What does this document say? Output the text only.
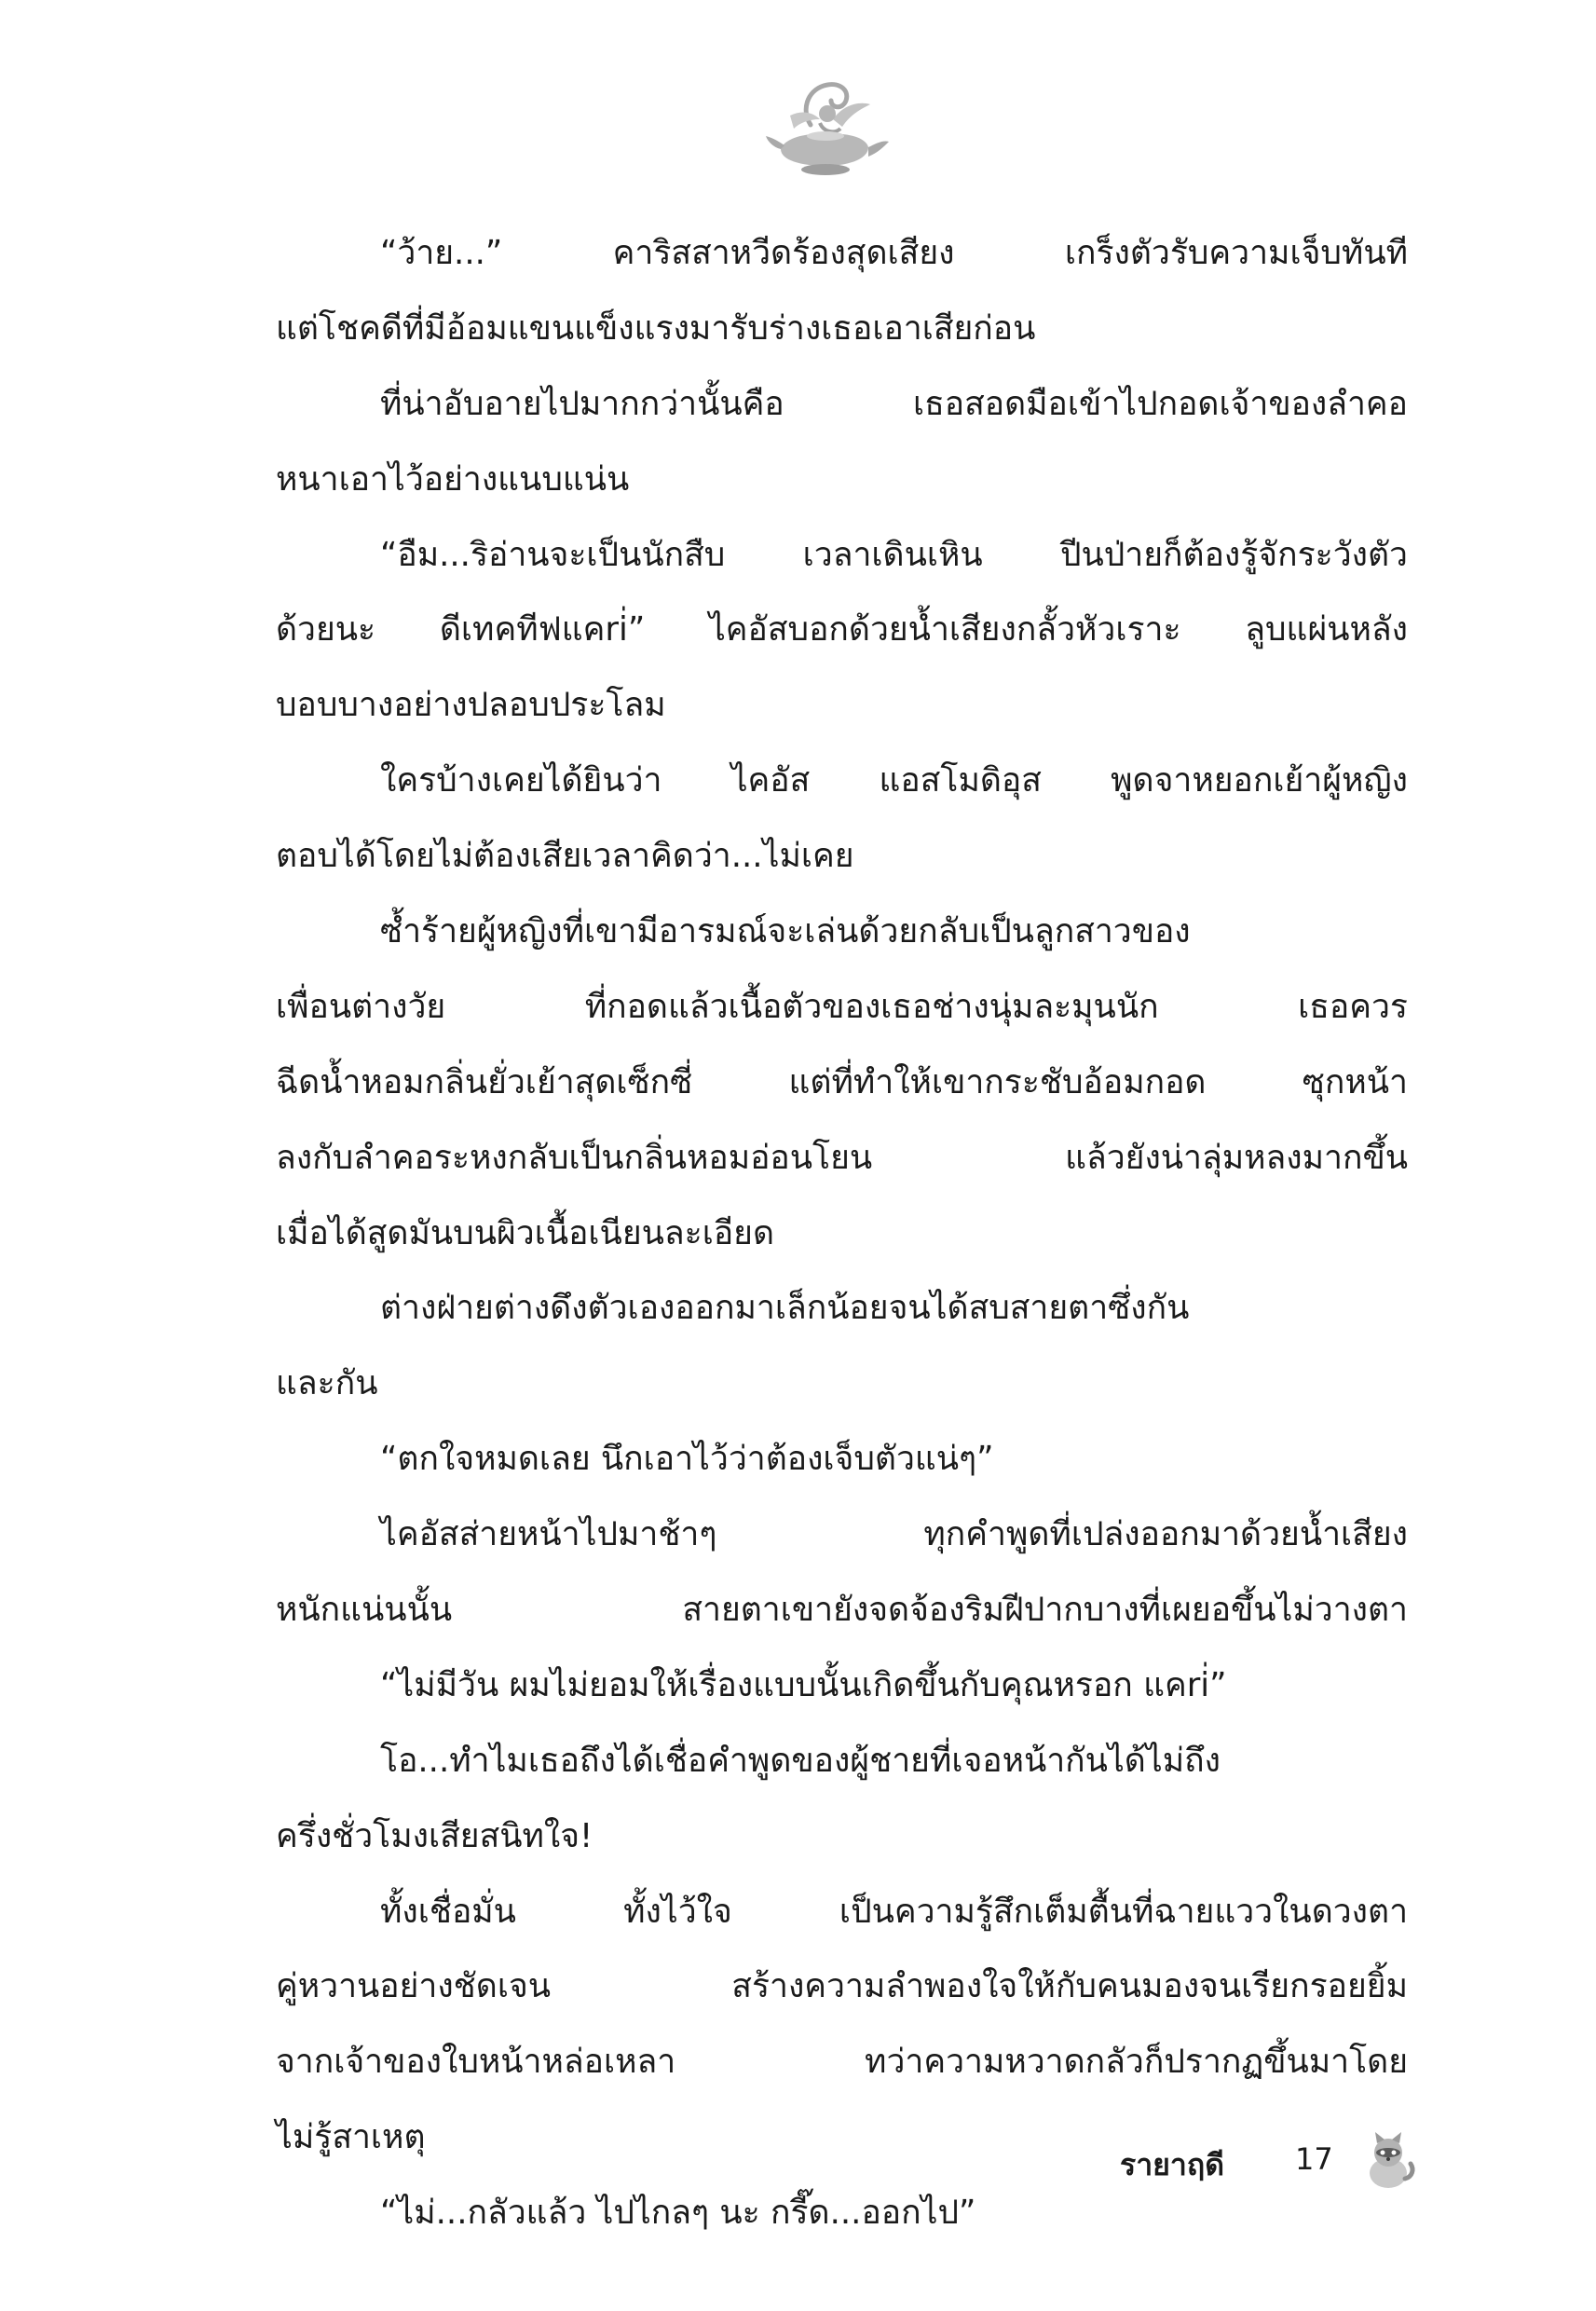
“ว้าย...” คาริสสาหวีดร้องสุดเสียง เกร็งตัวรับความเจ็บทันที
แต่โชคดีที่มีอ้อมแขนแข็งแรงมารับร่างเธอเอาเสียก่อน
ที่น่าอับอายไปมากกว่านั้นคือ เธอสอดมือเข้าไปกอดเจ้าของลำคอ
หนาเอาไว้อย่างแนบแน่น
“อืม...ริอ่านจะเป็นนักสืบ เวลาเดินเหิน ปีนป่ายก็ต้องรู้จักระวังตัว
ด้วยนะ ดีเทคทีฟแคri่” ไคอัสบอกด้วยน้ำเสียงกลั้วหัวเราะ ลูบแผ่นหลัง
บอบบางอย่างปลอบประโลม
ใครบ้างเคยได้ยินว่า ไคอัส แอสโมดิอุส พูดจาหยอกเย้าผู้หญิง
ตอบได้โดยไม่ต้องเสียเวลาคิดว่า...ไม่เคย
ซ้ำร้ายผู้หญิงที่เขามีอารมณ์จะเล่นด้วยกลับเป็นลูกสาวของ
เพื่อนต่างวัย ที่กอดแล้วเนื้อตัวของเธอช่างนุ่มละมุนนัก เธอควร
ฉีดน้ำหอมกลิ่นยั่วเย้าสุดเซ็กซี่ แต่ที่ทำให้เขากระชับอ้อมกอด ซุกหน้า
ลงกับลำคอระหงกลับเป็นกลิ่นหอมอ่อนโยน แล้วยังน่าลุ่มหลงมากขึ้น
เมื่อได้สูดมันบนผิวเนื้อเนียนละเอียด
ต่างฝ่ายต่างดึงตัวเองออกมาเล็กน้อยจนได้สบสายตาซึ่งกัน
และกัน
“ตกใจหมดเลย นึกเอาไว้ว่าต้องเจ็บตัวแน่ๆ”
ไคอัสส่ายหน้าไปมาช้าๆ ทุกคำพูดที่เปล่งออกมาด้วยน้ำเสียง
หนักแน่นนั้น สายตาเขายังจดจ้องริมฝีปากบางที่เผยอขึ้นไม่วางตา
“ไม่มีวัน ผมไม่ยอมให้เรื่องแบบนั้นเกิดขึ้นกับคุณหรอก แคri่”
โอ...ทำไมเธอถึงได้เชื่อคำพูดของผู้ชายที่เจอหน้ากันได้ไม่ถึง
ครึ่งชั่วโมงเสียสนิทใจ!
ทั้งเชื่อมั่น ทั้งไว้ใจ เป็นความรู้สึกเต็มตื้นที่ฉายแววในดวงตา
คู่หวานอย่างชัดเจน สร้างความลำพองใจให้กับคนมองจนเรียกรอยยิ้ม
จากเจ้าของใบหน้าหล่อเหลา ทว่าความหวาดกลัวก็ปรากฏขึ้นมาโดย
ไม่รู้สาเหตุ
“ไม่...กลัวแล้ว ไปไกลๆ นะ กรี๊ด...ออกไป”
รายาฤดี 17
